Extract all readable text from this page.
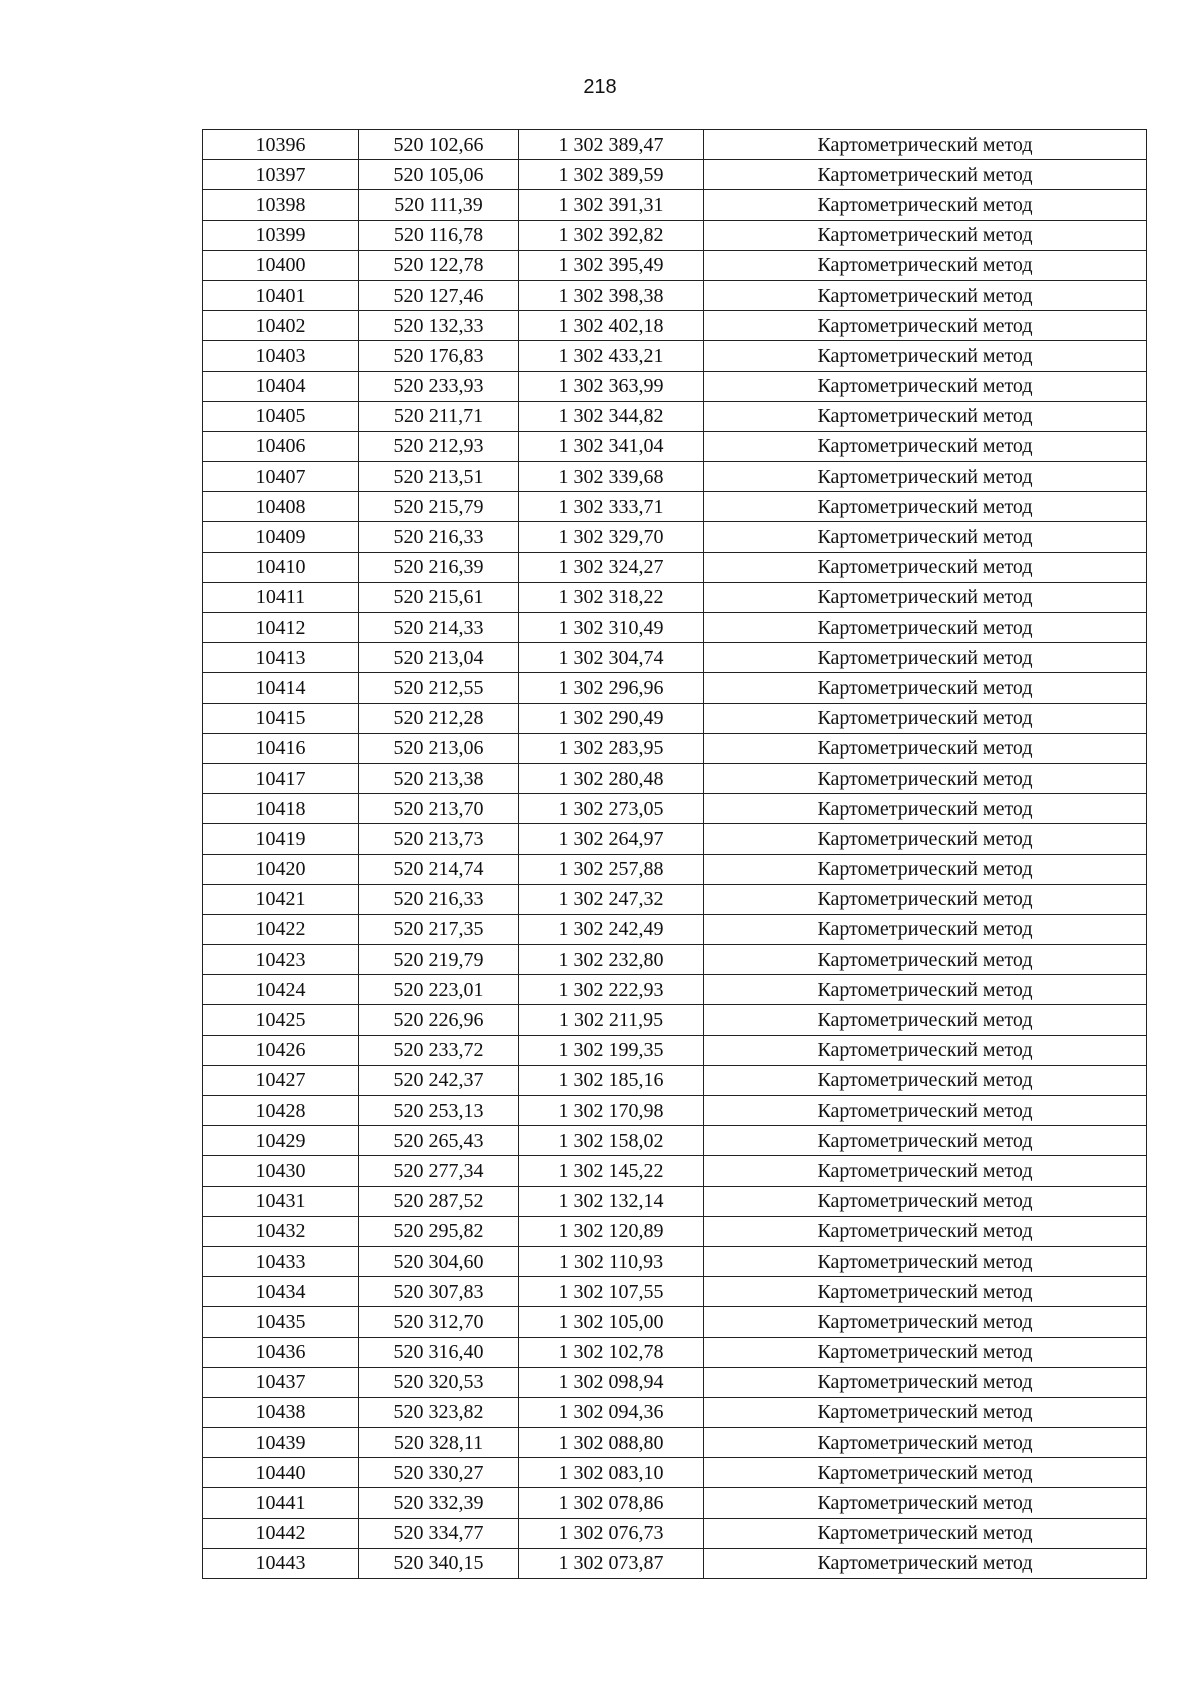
218
10396	520 102,66	1 302 389,47	Картометрический метод
10397	520 105,06	1 302 389,59	Картометрический метод
10398	520 111,39	1 302 391,31	Картометрический метод
10399	520 116,78	1 302 392,82	Картометрический метод
10400	520 122,78	1 302 395,49	Картометрический метод
10401	520 127,46	1 302 398,38	Картометрический метод
10402	520 132,33	1 302 402,18	Картометрический метод
10403	520 176,83	1 302 433,21	Картометрический метод
10404	520 233,93	1 302 363,99	Картометрический метод
10405	520 211,71	1 302 344,82	Картометрический метод
10406	520 212,93	1 302 341,04	Картометрический метод
10407	520 213,51	1 302 339,68	Картометрический метод
10408	520 215,79	1 302 333,71	Картометрический метод
10409	520 216,33	1 302 329,70	Картометрический метод
10410	520 216,39	1 302 324,27	Картометрический метод
10411	520 215,61	1 302 318,22	Картометрический метод
10412	520 214,33	1 302 310,49	Картометрический метод
10413	520 213,04	1 302 304,74	Картометрический метод
10414	520 212,55	1 302 296,96	Картометрический метод
10415	520 212,28	1 302 290,49	Картометрический метод
10416	520 213,06	1 302 283,95	Картометрический метод
10417	520 213,38	1 302 280,48	Картометрический метод
10418	520 213,70	1 302 273,05	Картометрический метод
10419	520 213,73	1 302 264,97	Картометрический метод
10420	520 214,74	1 302 257,88	Картометрический метод
10421	520 216,33	1 302 247,32	Картометрический метод
10422	520 217,35	1 302 242,49	Картометрический метод
10423	520 219,79	1 302 232,80	Картометрический метод
10424	520 223,01	1 302 222,93	Картометрический метод
10425	520 226,96	1 302 211,95	Картометрический метод
10426	520 233,72	1 302 199,35	Картометрический метод
10427	520 242,37	1 302 185,16	Картометрический метод
10428	520 253,13	1 302 170,98	Картометрический метод
10429	520 265,43	1 302 158,02	Картометрический метод
10430	520 277,34	1 302 145,22	Картометрический метод
10431	520 287,52	1 302 132,14	Картометрический метод
10432	520 295,82	1 302 120,89	Картометрический метод
10433	520 304,60	1 302 110,93	Картометрический метод
10434	520 307,83	1 302 107,55	Картометрический метод
10435	520 312,70	1 302 105,00	Картометрический метод
10436	520 316,40	1 302 102,78	Картометрический метод
10437	520 320,53	1 302 098,94	Картометрический метод
10438	520 323,82	1 302 094,36	Картометрический метод
10439	520 328,11	1 302 088,80	Картометрический метод
10440	520 330,27	1 302 083,10	Картометрический метод
10441	520 332,39	1 302 078,86	Картометрический метод
10442	520 334,77	1 302 076,73	Картометрический метод
10443	520 340,15	1 302 073,87	Картометрический метод
